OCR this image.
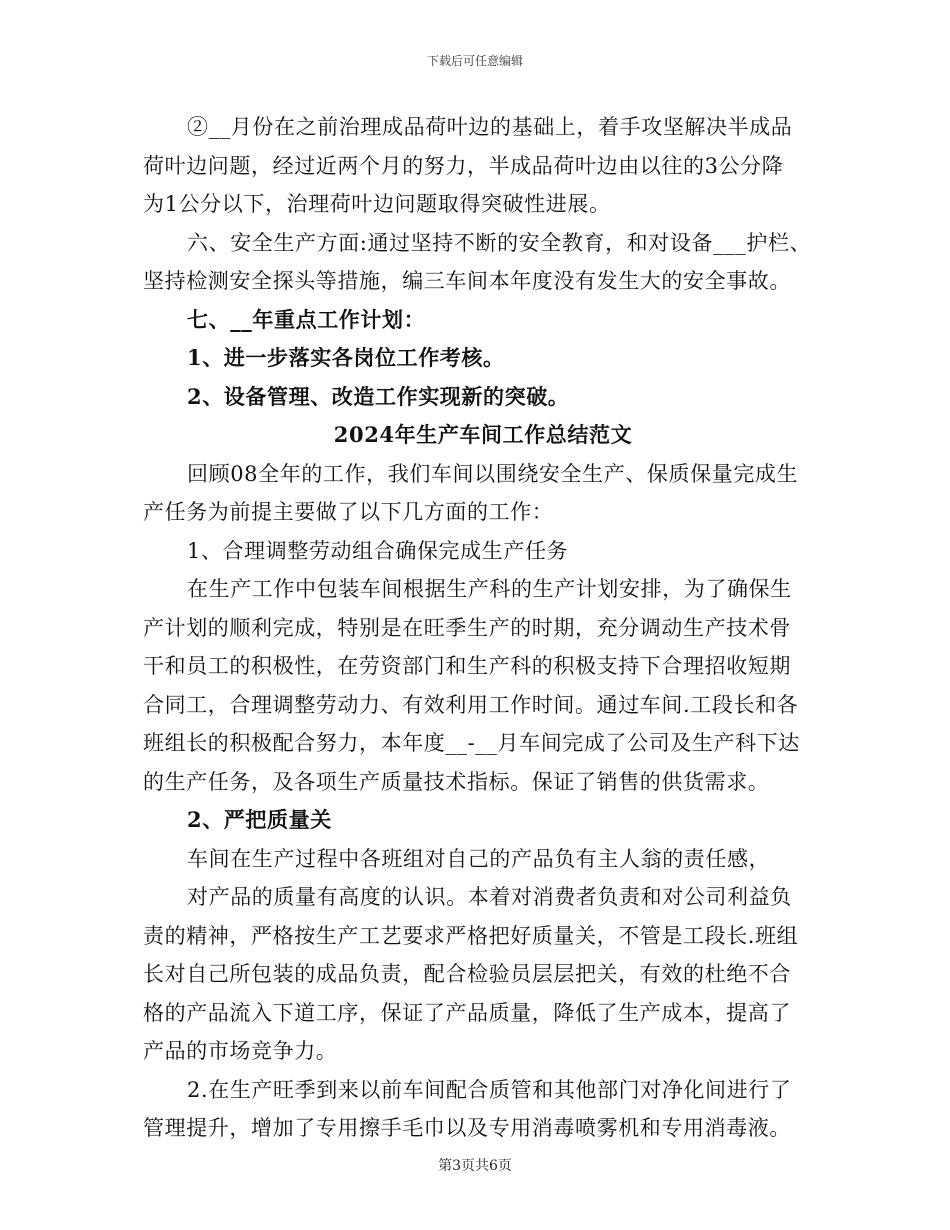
下载后可任意编辑
②__月份在之前治理成品荷叶边的基础上，着手攻坚解决半成品
荷叶边问题，经过近两个月的努力，半成品荷叶边由以往的3公分降
为1公分以下，治理荷叶边问题取得突破性进展。
六、安全生产方面:通过坚持不断的安全教育，和对设备___护栏、
坚持检测安全探头等措施，编三车间本年度没有发生大的安全事故。
七、__年重点工作计划：
1、进一步落实各岗位工作考核。
2、设备管理、改造工作实现新的突破。
2024年生产车间工作总结范文
回顾08全年的工作，我们车间以围绕安全生产、保质保量完成生
产任务为前提主要做了以下几方面的工作：
1、合理调整劳动组合确保完成生产任务
在生产工作中包装车间根据生产科的生产计划安排，为了确保生
产计划的顺利完成，特别是在旺季生产的时期，充分调动生产技术骨
干和员工的积极性，在劳资部门和生产科的积极支持下合理招收短期
合同工，合理调整劳动力、有效利用工作时间。通过车间.工段长和各
班组长的积极配合努力，本年度__-__月车间完成了公司及生产科下达
的生产任务，及各项生产质量技术指标。保证了销售的供货需求。
2、严把质量关
车间在生产过程中各班组对自己的产品负有主人翁的责任感，
对产品的质量有高度的认识。本着对消费者负责和对公司利益负
责的精神，严格按生产工艺要求严格把好质量关，不管是工段长.班组
长对自己所包装的成品负责，配合检验员层层把关，有效的杜绝不合
格的产品流入下道工序，保证了产品质量，降低了生产成本，提高了
产品的市场竞争力。
2.在生产旺季到来以前车间配合质管和其他部门对净化间进行了
管理提升，增加了专用擦手毛巾以及专用消毒喷雾机和专用消毒液。
第3页共6页
